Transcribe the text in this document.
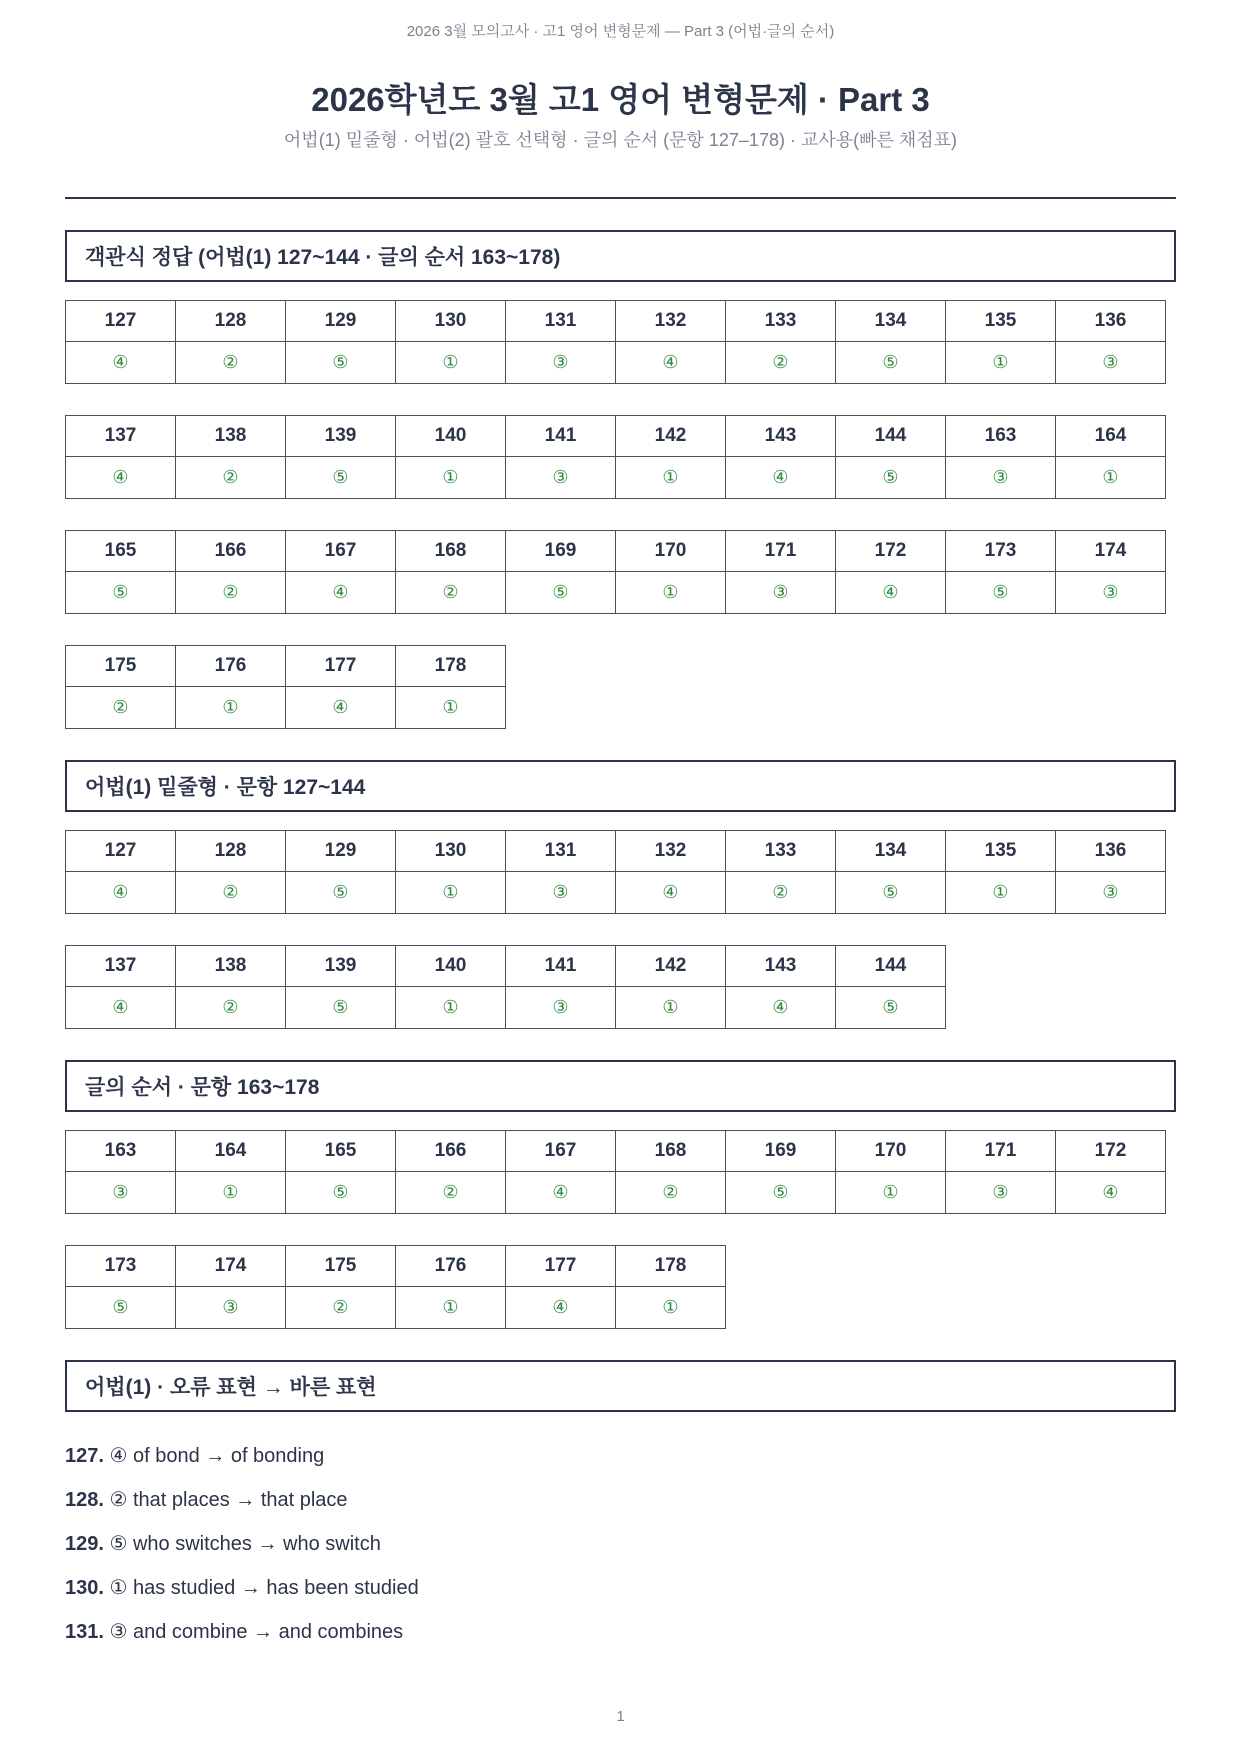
2026 3월 모의고사 · 고1 영어 변형문제 — Part 3 (어법·글의 순서)
2026학년도 3월 고1 영어 변형문제 · Part 3
어법(1) 밑줄형 · 어법(2) 괄호 선택형 · 글의 순서 (문항 127–178) · 교사용(빠른 채점표)
객관식 정답 (어법(1) 127~144 · 글의 순서 163~178)
127	128	129	130	131	132	133	134	135	136
④	②	⑤	①	③	④	②	⑤	①	③
137	138	139	140	141	142	143	144	163	164
④	②	⑤	①	③	①	④	⑤	③	①
165	166	167	168	169	170	171	172	173	174
⑤	②	④	②	⑤	①	③	④	⑤	③
175	176	177	178
②	①	④	①
어법(1) 밑줄형 · 문항 127~144
127	128	129	130	131	132	133	134	135	136
④	②	⑤	①	③	④	②	⑤	①	③
137	138	139	140	141	142	143	144
④	②	⑤	①	③	①	④	⑤
글의 순서 · 문항 163~178
163	164	165	166	167	168	169	170	171	172
③	①	⑤	②	④	②	⑤	①	③	④
173	174	175	176	177	178
⑤	③	②	①	④	①
어법(1) · 오류 표현 → 바른 표현
127. ④ of bond → of bonding
128. ② that places → that place
129. ⑤ who switches → who switch
130. ① has studied → has been studied
131. ③ and combine → and combines
1
